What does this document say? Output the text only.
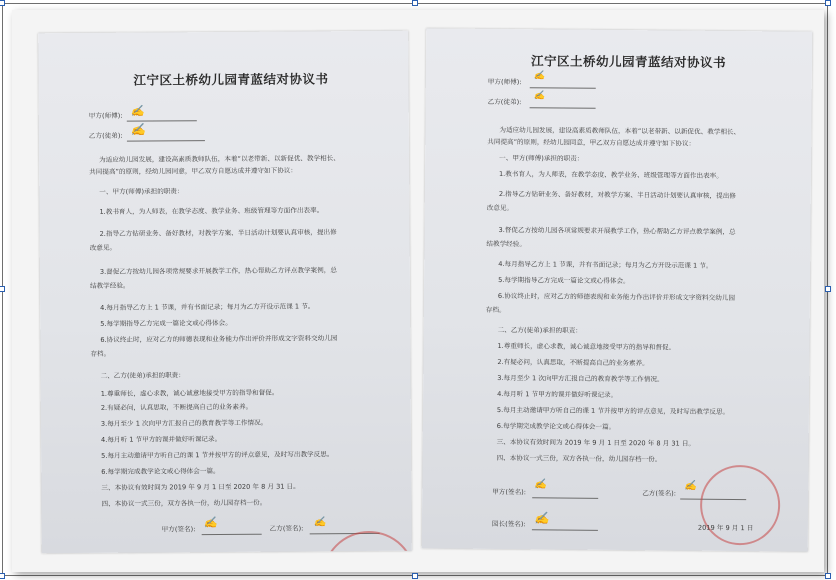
江宁区土桥幼儿园青蓝结对协议书
甲方(师傅): ✍
乙方(徒弟): ✍
为适应幼儿园发展，建设高素质教师队伍，本着“以老带新、以新促优、教学相长、
共同提高”的原则，经幼儿园同意，甲乙双方自愿达成并遵守如下协议：
一、甲方(师傅)承担的职责：
1.教书育人，为人师表，在教学态度、教学业务、班级管理等方面作出表率。
2.指导乙方钻研业务、备好教材，对教学方案、半日活动计划要认真审核，提出修
改意见。
3.督促乙方按幼儿园各项常规要求开展教学工作，热心帮助乙方评点教学案例，总
结教学经验。
4.每月指导乙方上 1 节课，并有书面记录；每月为乙方开设示范课 1 节。
5.每学期指导乙方完成一篇论文或心得体会。
6.协议终止时，应对乙方的师德表现和业务能力作出评价并形成文字资料交幼儿园
存档。
二、乙方(徒弟)承担的职责：
1.尊重师长，虚心求教，诚心诚意地接受甲方的指导和督促。
2.有疑必问，认真思取，不断提高自己的业务素养。
3.每月至少 1 次向甲方汇报自己的教育教学等工作情况。
4.每月听 1 节甲方的课并做好听课记录。
5.每月主动邀请甲方听自己的课 1 节并按甲方的评点意见，及时写出教学反思。
6.每学期完成教学论文或心得体会一篇。
三、本协议有效时间为 2019 年 9 月 1 日至 2020 年 8 月 31 日。
四、本协议一式三份，双方各执一份，幼儿园存档一份。
甲方(签名):
✍	乙方(签名):
✍
江宁区土桥幼儿园青蓝结对协议书
甲方(师傅):
✍
乙方(徒弟):
✍
为适应幼儿园发展，建设高素质教师队伍，本着“以老带新、以新促优、教学相长、
共同提高”的原则，经幼儿园同意，甲乙双方自愿达成并遵守如下协议：
一、甲方(师傅)承担的职责：
1.教书育人，为人师表，在教学态度、教学业务、班级管理等方面作出表率。
2.指导乙方钻研业务、备好教材，对教学方案、半日活动计划要认真审核，提出修
改意见。
3.督促乙方按幼儿园各项常规要求开展教学工作，热心帮助乙方评点教学案例，总
结教学经验。
4.每月指导乙方上 1 节课，并有书面记录；每月为乙方开设示范课 1 节。
5.每学期指导乙方完成一篇论文或心得体会。
6.协议终止时，应对乙方的师德表现和业务能力作出评价并形成文字资料交幼儿园
存档。
二、乙方(徒弟)承担的职责：
1.尊重师长，虚心求教，诚心诚意地接受甲方的指导和督促。
2.有疑必问，认真思取，不断提高自己的业务素养。
3.每月至少 1 次向甲方汇报自己的教育教学等工作情况。
4.每月听 1 节甲方的课并做好听课记录。
5.每月主动邀请甲方听自己的课 1 节并按甲方的评点意见，及时写出教学反思。
6.每学期完成教学论文或心得体会一篇。
三、本协议有效时间为 2019 年 9 月 1 日至 2020 年 8 月 31 日。
四、本协议一式三份，双方各执一份，幼儿园存档一份。
甲方(签名):
✍
乙方(签名):
✍
园长(签名): ✍
2019 年 9 月 1 日
